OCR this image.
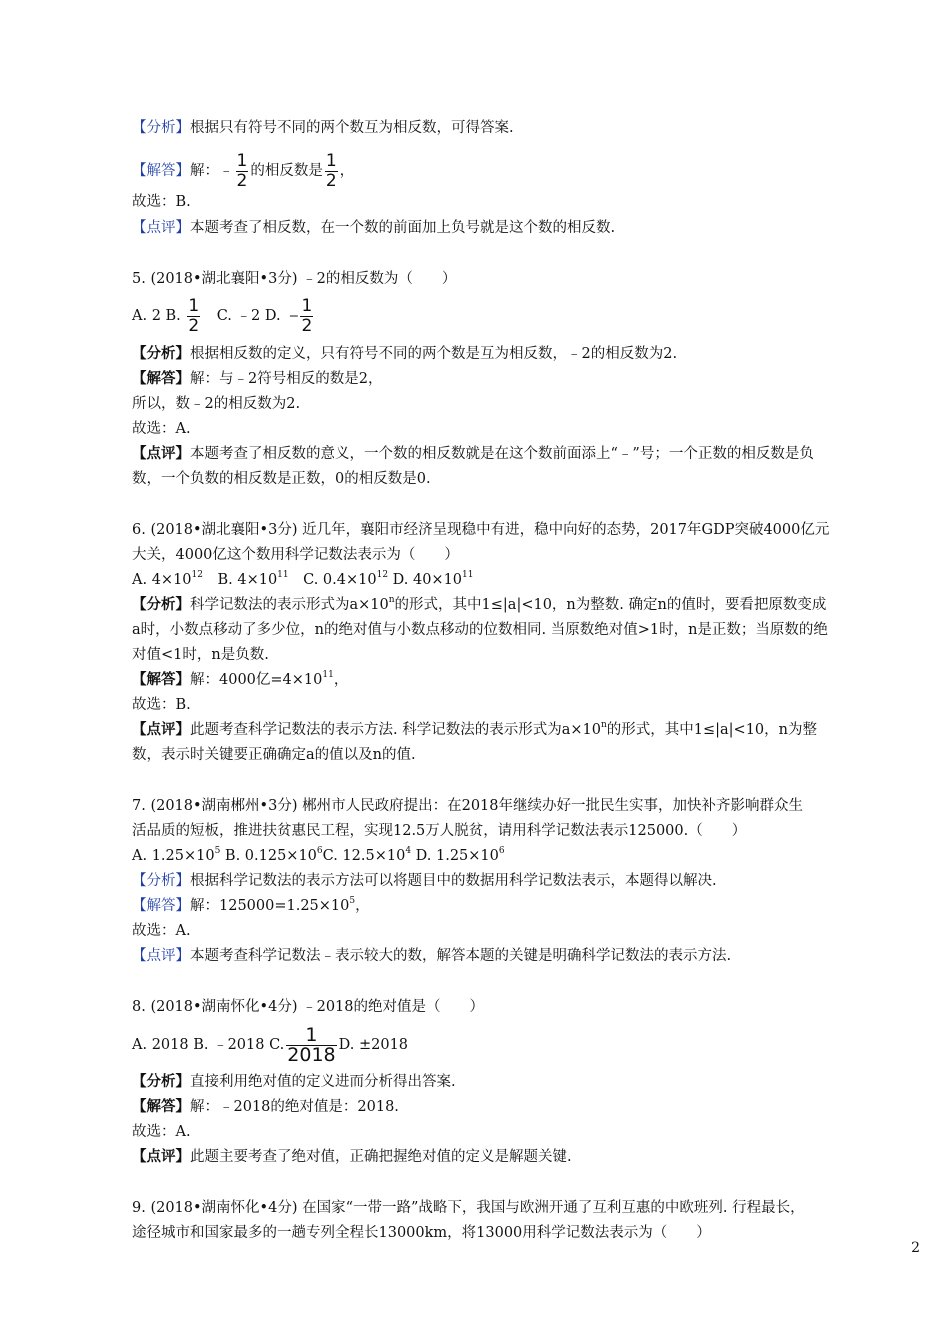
【分析】根据只有符号不同的两个数互为相反数，可得答案.
【解答】解：﹣ $\frac{1}{2}$ 的相反数是 $\frac{1}{2}$ ，
故选：B.
【点评】本题考查了相反数，在一个数的前面加上负号就是这个数的相反数.
5. (2018•湖北襄阳•3分) ﹣2的相反数为（　　）
A. 2 B. $\frac{1}{2}$ 　C. ﹣2 D. ‒ $\frac{1}{2}$
【分析】根据相反数的定义，只有符号不同的两个数是互为相反数，﹣2的相反数为2.
【解答】解：与﹣2符号相反的数是2，
所以，数﹣2的相反数为2.
故选：A.
【点评】本题考查了相反数的意义，一个数的相反数就是在这个数前面添上“﹣”号；一个正数的相反数是负
数，一个负数的相反数是正数，0的相反数是0.
6. (2018•湖北襄阳•3分) 近几年，襄阳市经济呈现稳中有进，稳中向好的态势，2017年GDP突破4000亿元
大关，4000亿这个数用科学记数法表示为（　　）
A. $4\times 10^{12}$　B. $4\times 10^{11}$　C. $0.4\times 10^{12}$ D. $40\times 10^{11}$
【分析】科学记数法的表示形式为$a\times 10^n$的形式，其中1≤|a|<10，n为整数. 确定n的值时，要看把原数变成
a时，小数点移动了多少位，n的绝对值与小数点移动的位数相同. 当原数绝对值>1时，n是正数；当原数的绝
对值<1时，n是负数.
【解答】解：4000亿$=4\times 10^{11}$，
故选：B.
【点评】此题考查科学记数法的表示方法. 科学记数法的表示形式为$a\times 10^n$的形式，其中1≤|a|<10，n为整
数，表示时关键要正确确定a的值以及n的值.
7. (2018•湖南郴州•3分) 郴州市人民政府提出：在2018年继续办好一批民生实事，加快补齐影响群众生
活品质的短板，推进扶贫惠民工程，实现12.5万人脱贫，请用科学记数法表示125000.（　　）
A. $1.25\times 10^5$ B. $0.125\times 10^6C$. $12.5\times 10^4$ D. $1.25\times 10^6$
【分析】根据科学记数法的表示方法可以将题目中的数据用科学记数法表示，本题得以解决.
【解答】解：$125000=1.25\times 10^5$，
故选：A.
【点评】本题考查科学记数法﹣表示较大的数，解答本题的关键是明确科学记数法的表示方法.
8. (2018•湖南怀化•4分) ﹣2018的绝对值是（　　）
A. 2018 B. ﹣2018 C. $\frac{1}{2018} D$. ±2018
【分析】直接利用绝对值的定义进而分析得出答案.
【解答】解：﹣2018的绝对值是：2018.
故选：A.
【点评】此题主要考查了绝对值，正确把握绝对值的定义是解题关键.
9. (2018•湖南怀化•4分) 在国家“一带一路”战略下，我国与欧洲开通了互利互惠的中欧班列. 行程最长，
途径城市和国家最多的一趟专列全程长13000km，将13000用科学记数法表示为（　　）
2
